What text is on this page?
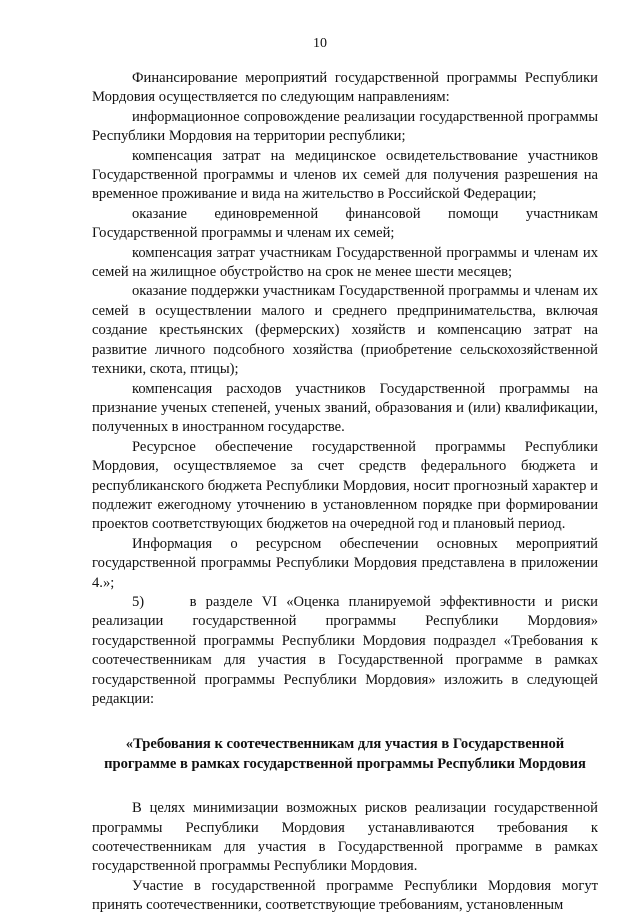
10

Финансирование мероприятий государственной программы Республики Мордовия осуществляется по следующим направлениям:

информационное сопровождение реализации государственной программы Республики Мордовия на территории республики;

компенсация затрат на медицинское освидетельствование участников Государственной программы и членов их семей для получения разрешения на временное проживание и вида на жительство в Российской Федерации;

оказание единовременной финансовой помощи участникам Государственной программы и членам их семей;

компенсация затрат участникам Государственной программы и членам их семей на жилищное обустройство на срок не менее шести месяцев;

оказание поддержки участникам Государственной программы и членам их семей в осуществлении малого и среднего предпринимательства, включая создание крестьянских (фермерских) хозяйств и компенсацию затрат на развитие личного подсобного хозяйства (приобретение сельскохозяйственной техники, скота, птицы);

компенсация расходов участников Государственной программы на признание ученых степеней, ученых званий, образования и (или) квалификации, полученных в иностранном государстве.

Ресурсное обеспечение государственной программы Республики Мордовия, осуществляемое за счет средств федерального бюджета и республиканского бюджета Республики Мордовия, носит прогнозный характер и подлежит ежегодному уточнению в установленном порядке при формировании проектов соответствующих бюджетов на очередной год и плановый период.

Информация о ресурсном обеспечении основных мероприятий государственной программы Республики Мордовия представлена в приложении 4.»;

5)     в разделе VI «Оценка планируемой эффективности и риски реализации государственной программы Республики Мордовия» государственной программы Республики Мордовия подраздел «Требования к соотечественникам для участия в Государственной программе в рамках государственной программы Республики Мордовия» изложить в следующей редакции:

«Требования к соотечественникам для участия в Государственной программе в рамках государственной программы Республики Мордовия

В целях минимизации возможных рисков реализации государственной программы Республики Мордовия устанавливаются требования к соотечественникам для участия в Государственной программе в рамках государственной программы Республики Мордовия.

Участие в государственной программе Республики Мордовия могут принять соотечественники, соответствующие требованиям, установленным
